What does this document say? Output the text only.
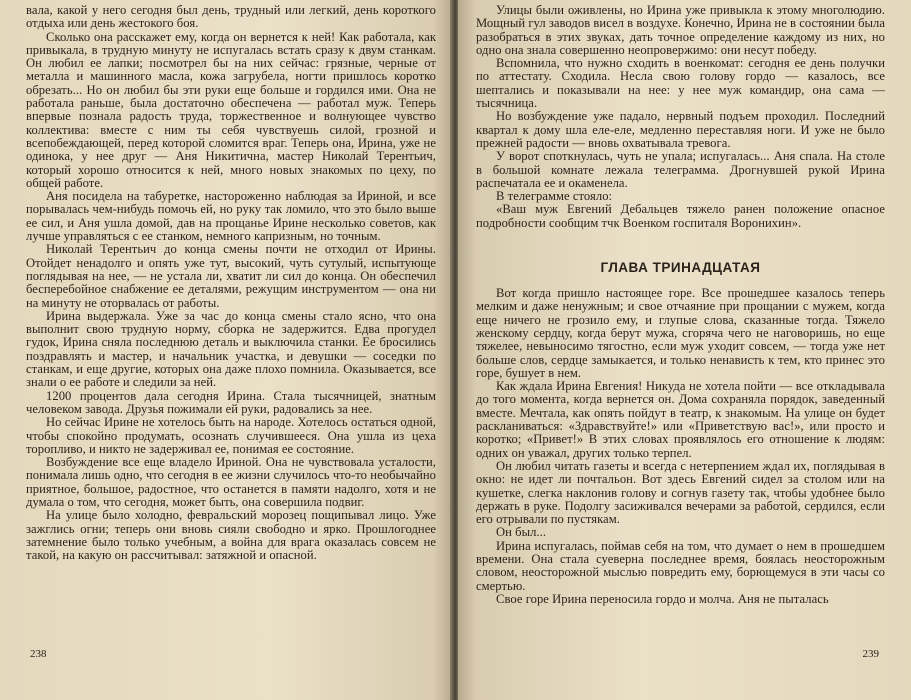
вала, какой у него сегодня был день, трудный или легкий, день короткого отдыха или день жестокого боя.

Сколько она расскажет ему, когда он вернется к ней! Как работала, как привыкала, в трудную минуту не испугалась встать сразу к двум станкам. Он любил ее лапки; посмотрел бы на них сейчас: грязные, черные от металла и машинного масла, кожа загрубела, ногти пришлось коротко обрезать... Но он любил бы эти руки еще больше и гордился ими. Она не работала раньше, была достаточно обеспечена — работал муж. Теперь впервые познала радость труда, торжественное и волнующее чувство коллектива: вместе с ним ты себя чувствуешь силой, грозной и всепобеждающей, перед которой сломится враг. Теперь она, Ирина, уже не одинока, у нее друг — Аня Никитична, мастер Николай Терентьич, который хорошо относится к ней, много новых знакомых по цеху, по общей работе.

Аня посидела на табуретке, настороженно наблюдая за Ириной, и все порывалась чем-нибудь помочь ей, но руку так ломило, что это было выше ее сил, и Аня ушла домой, дав на прощанье Ирине несколько советов, как лучше управляться с ее станком, немного капризным, но точным.

Николай Терентьич до конца смены почти не отходил от Ирины. Отойдет ненадолго и опять уже тут, высокий, чуть сутулый, испытующе поглядывая на нее, — не устала ли, хватит ли сил до конца. Он обеспечил бесперебойное снабжение ее деталями, режущим инструментом — она ни на минуту не оторвалась от работы.

Ирина выдержала. Уже за час до конца смены стало ясно, что она выполнит свою трудную норму, сборка не задержится. Едва прогудел гудок, Ирина сняла последнюю деталь и выключила станки. Ее бросились поздравлять и мастер, и начальник участка, и девушки — соседки по станкам, и еще другие, которых она даже плохо помнила. Оказывается, все знали о ее работе и следили за ней.

1200 процентов дала сегодня Ирина. Стала тысячницей, знатным человеком завода. Друзья пожимали ей руки, радовались за нее.

Но сейчас Ирине не хотелось быть на народе. Хотелось остаться одной, чтобы спокойно продумать, осознать случившееся. Она ушла из цеха торопливо, и никто не задерживал ее, понимая ее состояние.

Возбуждение все еще владело Ириной. Она не чувствовала усталости, понимала лишь одно, что сегодня в ее жизни случилось что-то необычайно приятное, большое, радостное, что останется в памяти надолго, хотя и не думала о том, что сегодня, может быть, она совершила подвиг.

На улице было холодно, февральский морозец пощипывал лицо. Уже зажглись огни; теперь они вновь сияли свободно и ярко. Прошлогоднее затемнение было только учебным, а война для врага оказалась совсем не такой, на какую он рассчитывал: затяжной и опасной.

238

Улицы были оживлены, но Ирина уже привыкла к этому многолюдию. Мощный гул заводов висел в воздухе. Конечно, Ирина не в состоянии была разобраться в этих звуках, дать точное определение каждому из них, но одно она знала совершенно неопровержимо: они несут победу.

Вспомнила, что нужно сходить в военкомат: сегодня ее день получки по аттестату. Сходила. Несла свою голову гордо — казалось, все шептались и показывали на нее: у нее муж командир, она сама — тысячница.

Но возбуждение уже падало, нервный подъем проходил. Последний квартал к дому шла еле-еле, медленно переставляя ноги. И уже не было прежней радости — вновь охватывала тревога.

У ворот споткнулась, чуть не упала; испугалась... Аня спала. На столе в большой комнате лежала телеграмма. Дрогнувшей рукой Ирина распечатала ее и окаменела.

В телеграмме стояло:

«Ваш муж Евгений Дебальцев тяжело ранен положение опасное подробности сообщим тчк Военком госпиталя Воронихин».

ГЛАВА ТРИНАДЦАТАЯ

Вот когда пришло настоящее горе. Все прошедшее казалось теперь мелким и даже ненужным; и свое отчаяние при прощании с мужем, когда еще ничего не грозило ему, и глупые слова, сказанные тогда. Тяжело женскому сердцу, когда берут мужа, сгоряча чего не наговоришь, но еще тяжелее, невыносимо тягостно, если муж уходит совсем, — тогда уже нет больше слов, сердце замыкается, и только ненависть к тем, кто принес это горе, бушует в нем.

Как ждала Ирина Евгения! Никуда не хотела пойти — все откладывала до того момента, когда вернется он. Дома сохраняла порядок, заведенный вместе. Мечтала, как опять пойдут в театр, к знакомым. На улице он будет раскланиваться: «Здравствуйте!» или «Приветствую вас!», или просто и коротко; «Привет!» В этих словах проявлялось его отношение к людям: одних он уважал, других только терпел.

Он любил читать газеты и всегда с нетерпением ждал их, поглядывая в окно: не идет ли почтальон. Вот здесь Евгений сидел за столом или на кушетке, слегка наклонив голову и согнув газету так, чтобы удобнее было держать в руке. Подолгу засиживался вечерами за работой, сердился, если его отрывали по пустякам.

Он был...

Ирина испугалась, поймав себя на том, что думает о нем в прошедшем времени. Она стала суеверна последнее время, боялась неосторожным словом, неосторожной мыслью повредить ему, борющемуся в эти часы со смертью.

Свое горе Ирина переносила гордо и молча. Аня не пыталась

239
